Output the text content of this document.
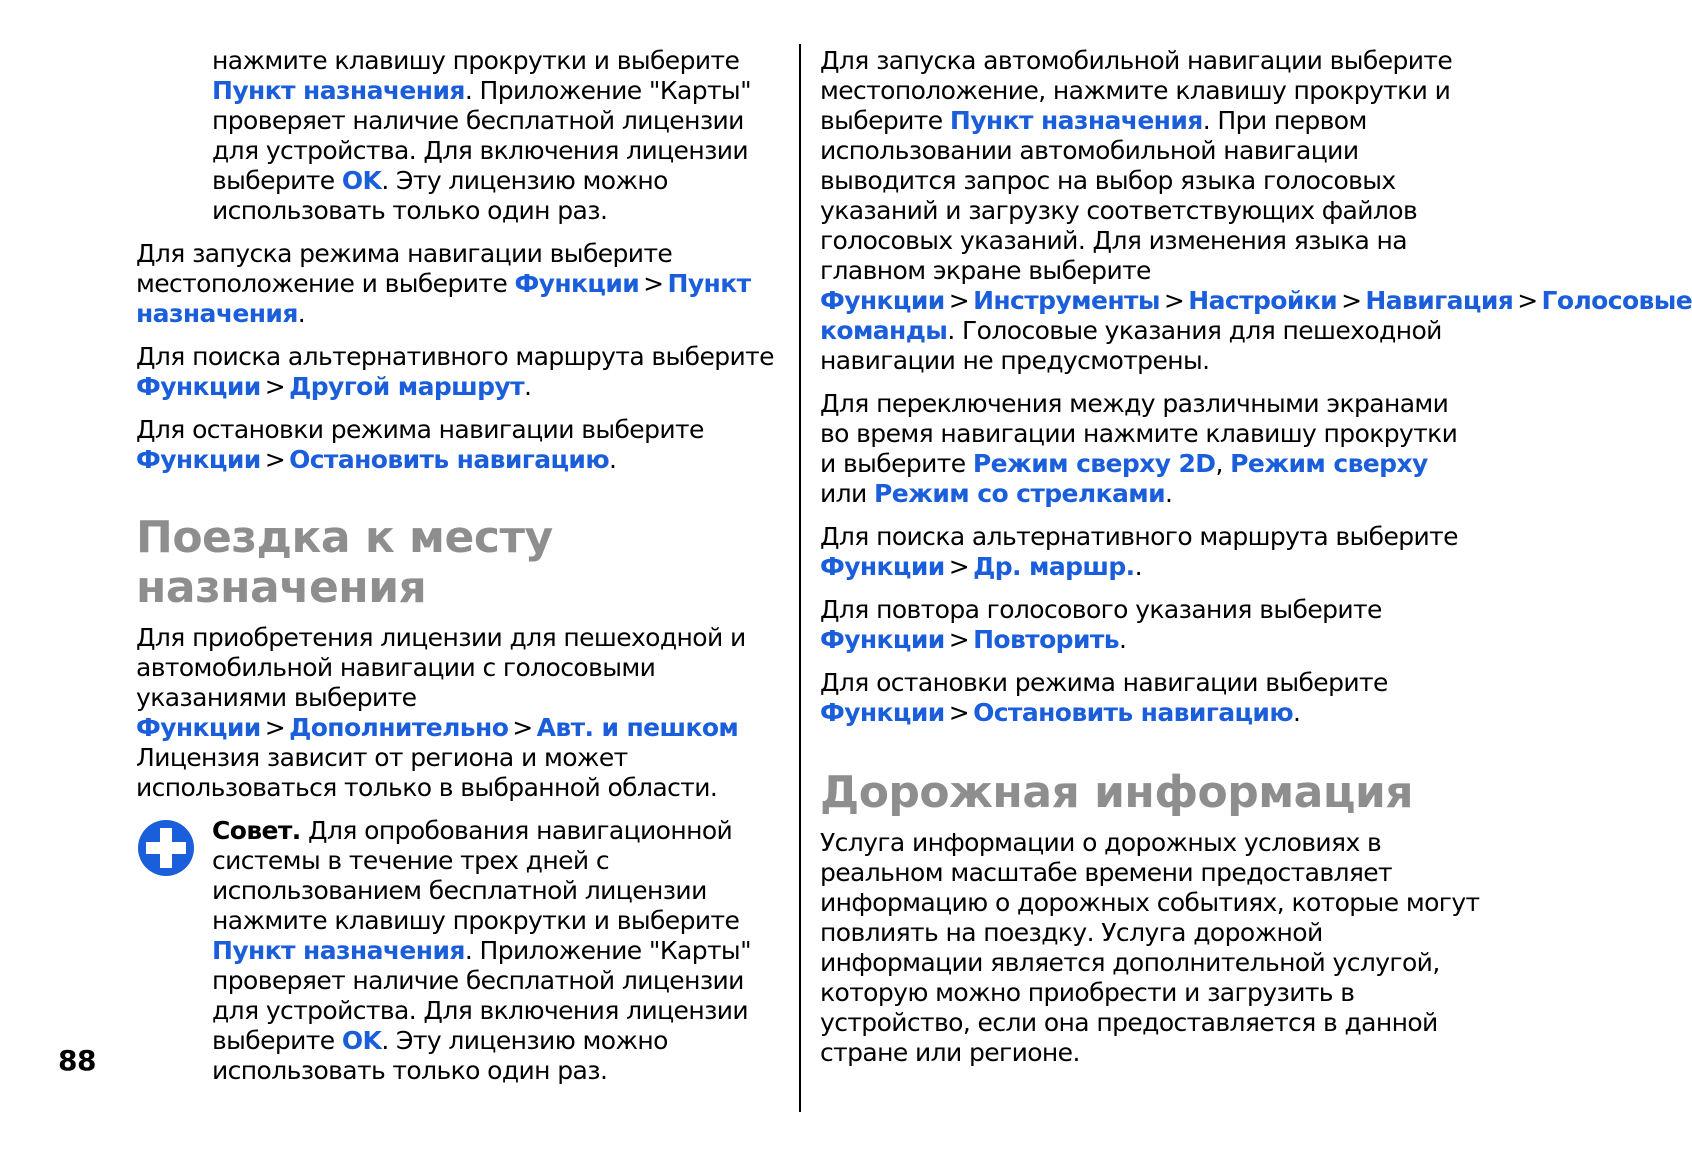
нажмите клавишу прокрутки и выберите Пункт назначения. Приложение "Карты" проверяет наличие бесплатной лицензии для устройства. Для включения лицензии выберите OK. Эту лицензию можно использовать только один раз.

Для запуска режима навигации выберите местоположение и выберите Функции > Пункт назначения.

Для поиска альтернативного маршрута выберите Функции > Другой маршрут.

Для остановки режима навигации выберите Функции > Остановить навигацию.

Поездка к месту назначения

Для приобретения лицензии для пешеходной и автомобильной навигации с голосовыми указаниями выберите Функции > Дополнительно > Авт. и пешком Лицензия зависит от региона и может использоваться только в выбранной области.

Совет. Для опробования навигационной системы в течение трех дней с использованием бесплатной лицензии нажмите клавишу прокрутки и выберите Пункт назначения. Приложение "Карты" проверяет наличие бесплатной лицензии для устройства. Для включения лицензии выберите OK. Эту лицензию можно использовать только один раз.

Для запуска автомобильной навигации выберите местоположение, нажмите клавишу прокрутки и выберите Пункт назначения. При первом использовании автомобильной навигации выводится запрос на выбор языка голосовых указаний и загрузку соответствующих файлов голосовых указаний. Для изменения языка на главном экране выберите Функции > Инструменты > Настройки > Навигация > Голосовые команды. Голосовые указания для пешеходной навигации не предусмотрены.

Для переключения между различными экранами во время навигации нажмите клавишу прокрутки и выберите Режим сверху 2D, Режим сверху или Режим со стрелками.

Для поиска альтернативного маршрута выберите Функции > Др. маршр..

Для повтора голосового указания выберите Функции > Повторить.

Для остановки режима навигации выберите Функции > Остановить навигацию.

Дорожная информация

Услуга информации о дорожных условиях в реальном масштабе времени предоставляет информацию о дорожных событиях, которые могут повлиять на поездку. Услуга дорожной информации является дополнительной услугой, которую можно приобрести и загрузить в устройство, если она предоставляется в данной стране или регионе.

88
